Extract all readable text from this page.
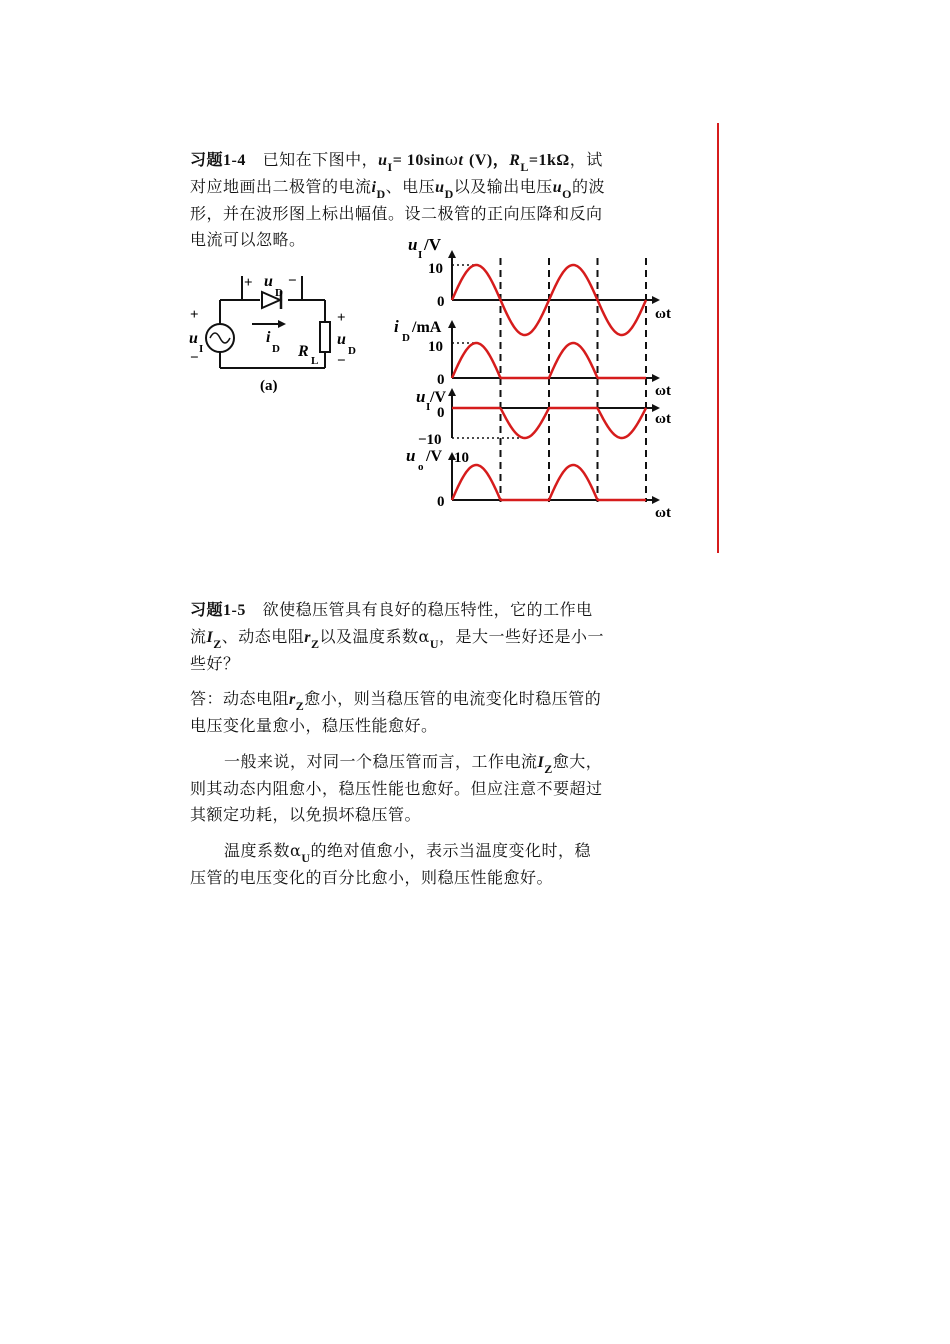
习题1-4 已知在下图中，$u_I= 10\sin\omega t$ (V)，$R_L=1k\Omega$，试
对应地画出二极管的电流$i_D$、电压$u_D$以及输出电压$u_O$的波
形，并在波形图上标出幅值。设二极管的正向压降和反向
电流可以忽略。
+ −
u
D
+
u
I
−
i
D R
L
+
u
D
−
(a)
u
I
/V
10
0
ωt
i
D
/mA
10
0
ωt
u
I
/V
0
−10
ωt
u
o
/V 10
0
ωt
习题1-5 欲使稳压管具有良好的稳压特性，它的工作电
流$I_Z$、动态电阻$r_Z$以及温度系数$\alpha_U$，是大一些好还是小一
些好？
答：动态电阻$r_Z$愈小，则当稳压管的电流变化时稳压管的
电压变化量愈小，稳压性能愈好。
一般来说，对同一个稳压管而言，工作电流$I_Z$愈大，
则其动态内阻愈小，稳压性能也愈好。但应注意不要超过
其额定功耗，以免损坏稳压管。
温度系数$\alpha_U$的绝对值愈小，表示当温度变化时，稳
压管的电压变化的百分比愈小，则稳压性能愈好。
